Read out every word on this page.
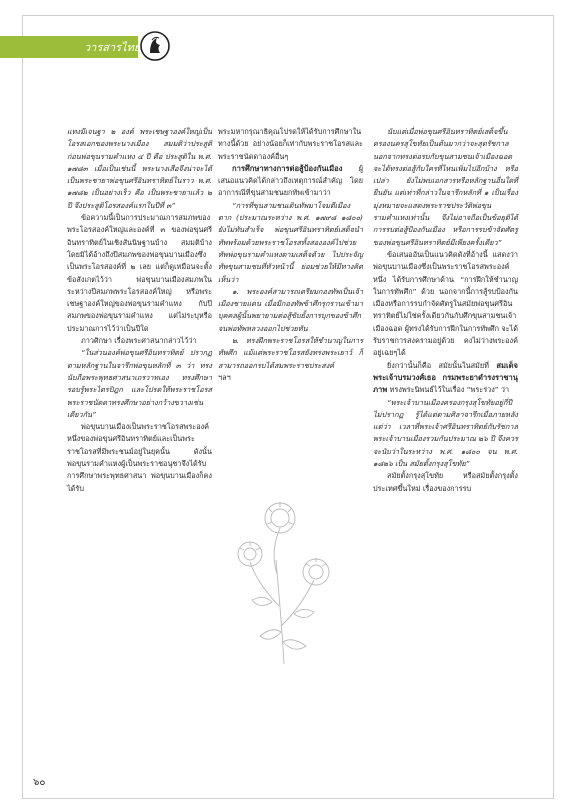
วารสารไทย

แทงมีเจนฐา ๒ องค์ พระเชษฐาองค์ใหญ่เป็นโอรสเอกของพระนางเมือง สมมติว่าประสูติก่อนพ่อขุนรามคำแหง ๔ ปี คือ ประสูติใน พ.ศ. ๑๗๘๓ เมื่อเป็นเช่นนี้ พระนางเสือจึงน่าจะได้เป็นพระชายาพ่อขุนศรีอินทราทิตย์ในราว พ.ศ. ๑๗๘๒ เป็นอย่างเร็ว คือ เป็นพระชายาแล้ว ๒ ปี จึงประสูติโอรสองค์แรกในปีที่ ๓”

ข้อความนี้เป็นการประมาณการสมภพของพระโอรสองค์ใหญ่และองค์ที่ ๓ ของพ่อขุนศรีอินทราทิตย์ในเชิงสันนิษฐานบ้าง สมมติบ้าง โดยมิได้อ้างถึงปีสมภพของพ่อขุนบานเมืองซึ่งเป็นพระโอรสองค์ที่ ๒ เลย แต่ก็ดูเหมือนจะตั้งข้อสังเกตไว้ว่า พ่อขุนบานเมืองสมภพในระหว่างปีสมภพพระโอรสองค์ใหญ่ หรือพระเชษฐาองค์ใหญ่ของพ่อขุนรามคำแหง กับปีสมภพของพ่อขุนรามคำแหง แต่ไม่ระบุหรือประมาณการไว้ว่าเป็นปีใด

ภาวศิกษา เรื่องพระศาสนากล่าวไว้ว่า

“ในส่วนองค์พ่อขุนศรีอินทราทิตย์ ปรากฏตามหลักฐานในจารึกพ่อขุนหลักที่ ๓ ว่า ทรงนับถือพระพุทธศาสนาเถรวาทเอง ทรงศึกษารอบรู้พระไตรปิฎก และโปรดให้พระราชโอรสพระราชนัดดาทรงศึกษาอย่างกว้างขวางเช่นเดียวกัน”

พ่อขุนบานเมืองเป็นพระราชโอรสพระองค์หนึ่งของพ่อขุนศรีอินทราทิตย์และเป็นพระราชโอรสที่มีพระชนม์อยู่ในยุคนั้น ดังนั้น พ่อขุนรามคำแหงผู้เป็นพระราชอนุชาจึงได้รับการศึกษาพระพุทธศาสนา พ่อขุนบานเมืองก็คงได้รับ

พระมหากรุณาธิคุณโปรดให้ได้รับการศึกษาในทางนี้ด้วย อย่างน้อยก็เท่ากับพระราชโอรสและพระราชนัดดาองค์อื่นๆ

การศึกษาทางการต่อสู้ป้องกันเมือง ผู้เสนอแนวคิดได้กล่าวถึงเหตุการณ์สำคัญ โดยอาการณีที่ขุนสามชนยกทัพเข้ามาว่า

“การที่ขุนสามชนเดินทัพมาโจมตีเมืองตาก (ประมาณระหว่าง พ.ศ. ๑๗๙๘ ๑๘๐๐) ยังไม่ทันสำเร็จ พ่อขุนศรีอินทราทิตย์เสด็จนำทัพพร้อมด้วยพระราชโอรสทั้งสององค์ไปช่วย ทัพพ่อขุนรามคำแหงตามเสด็จด้วย ไปประจัญทัพขุนสามชนที่หัวหน้านี้ ย่อมช่วยให้มีทางคิดเห็นว่า

๑. พระองค์สามารถเตรียมกองทัพเป็นเจ้าเมืองชายแดน เมื่อมีกองทัพข้าศึกรุกรานเข้ามา บุคคลผู้นั้นพยายามต่อสู้ขับยั้งการบุกของข้าศึกจนพ่อทัพหลวงออกไปช่วยทัน

๒. ทรงฝึกพระราชโอรสให้ชำนาญในการทัพศึก แม้แต่พระราชโอรสยังทรงพระเยาว์ ก็สามารถออกรบได้สมพระราชประสงค์

ฯลฯ

นับแต่เมื่อพ่อขุนศรีอินทราทิตย์เสด็จขึ้นครองนครสุโขทัยเป็นต้นมากว่าจะสุดรัชกาล นอกจากทรงต่อรบกับขุนสามชนเจ้าเมืองฉอด จะได้ทรงต่อสู้กับใครที่ไหนเพิ่มไปอีกบ้าง หรือเปล่า ยังไม่พบเอกสารหรือหลักฐานอื่นใดที่ยืนยัน แต่เท่าที่กล่าวในจารึกหลักที่ ๑ เป็นเรื่องมุ่งหมายจะแสดงพระราชประวัติพ่อขุนรามคำแหงเท่านั้น จึงไม่อาจถือเป็นข้อยุติได้ การรบต่อสู้ป้องกันเมือง หรือการรบข้าจัดศัตรูของพ่อขุนศรีอินทราทิตย์มีเพียงครั้งเดียว”

ข้อเสนออันเป็นแนวคิดดังที่อ้างนี้ แสดงว่าพ่อขุนบานเมืองซึ่งเป็นพระราชโอรสพระองค์หนึ่ง ได้รับการศึกษาด้าน “การฝึกให้ชำนาญในการทัพศึก” ด้วย นอกจากนี้การสู้รบป้องกันเมืองหรือการรบกำจัดศัตรูในสมัยพ่อขุนศรีอินทราทิตย์ไม่ใช่ครั้งเดียวกันกับศึกขุนสามชนเจ้าเมืองฉอด ผู้ทรงได้รับการฝึกในการทัพศึก จะได้รับราชการสงครามอยู่ด้วย คงไม่ว่างพระองค์อยู่เฉยๆได้

ยิ่งกว่านั้นก็คือ สมัยนั้นในสมัยที่ สมเด็จพระเจ้าบรมวงศ์เธอ กรมพระยาดำรงราชานุภาพ ทรงพระนิพนธ์ไว้ในเรื่อง “พระร่วง” ว่า

“พระเจ้าบานเมืองครองกรุงสุโขทัยอยู่กี่ปีไม่ปรากฏ รู้ได้แต่ตามศิลาจารึกเมื่อภายหลังแต่ว่า เวลาที่พระเจ้าศรีอินทราทิตย์กับรัชกาลพระเจ้าบานเมืองรวมกันประมาณ ๒๖ ปี จึงควรจะนับว่าในระหว่าง พ.ศ. ๑๘๐๐ จน พ.ศ. ๑๘๒๖ เป็น สมัยตั้งกรุงสุโขทัย”

สมัยตั้งกรุงสุโขทัย หรือสมัยตั้งกรุงตั้งประเทศขึ้นใหม่ เรื่องของการรบ

๖๐
